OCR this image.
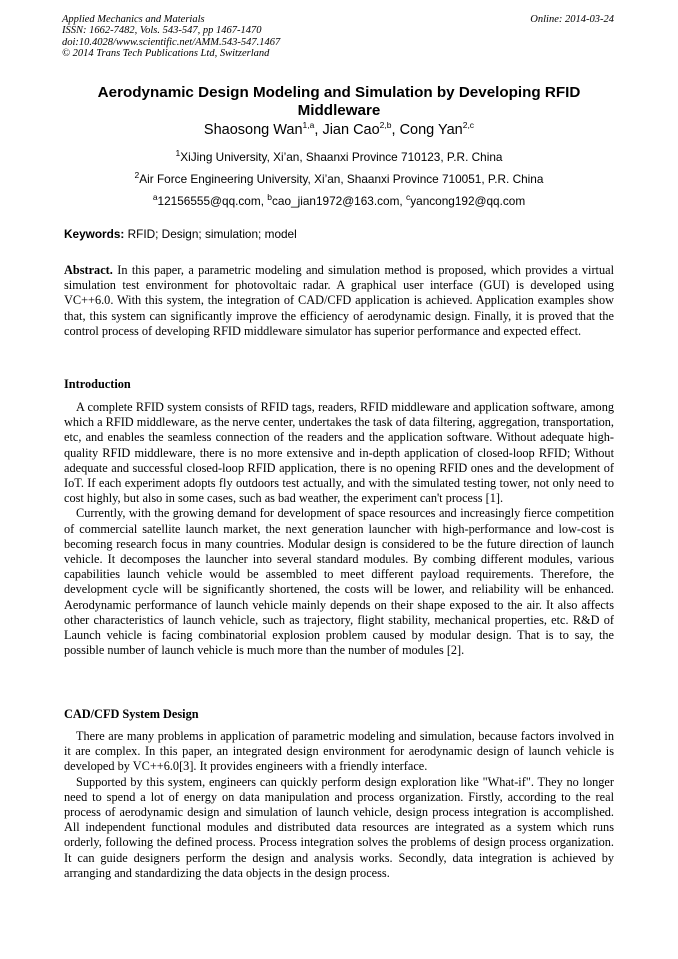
Applied Mechanics and Materials
ISSN: 1662-7482, Vols. 543-547, pp 1467-1470
doi:10.4028/www.scientific.net/AMM.543-547.1467
© 2014 Trans Tech Publications Ltd, Switzerland
Online: 2014-03-24
Aerodynamic Design Modeling and Simulation by Developing RFID Middleware
Shaosong Wan$^{1,a}$, Jian Cao$^{2,b}$, Cong Yan$^{2,c}$
$^1$XiJing University, Xi’an, Shaanxi Province 710123, P.R. China
$^2$Air Force Engineering University, Xi’an, Shaanxi Province 710051, P.R. China
$^a$12156555@qq.com, $^b$cao_jian1972@163.com, $^c$yancong192@qq.com
Keywords: RFID; Design; simulation; model

Abstract. In this paper, a parametric modeling and simulation method is proposed, which provides a virtual simulation test environment for photovoltaic radar. A graphical user interface (GUI) is developed using VC++6.0. With this system, the integration of CAD/CFD application is achieved. Application examples show that, this system can significantly improve the efficiency of aerodynamic design. Finally, it is proved that the control process of developing RFID middleware simulator has superior performance and expected effect.

Introduction

A complete RFID system consists of RFID tags, readers, RFID middleware and application software, among which a RFID middleware, as the nerve center, undertakes the task of data filtering, aggregation, transportation, etc, and enables the seamless connection of the readers and the application software. Without adequate high-quality RFID middleware, there is no more extensive and in-depth application of closed-loop RFID; Without adequate and successful closed-loop RFID application, there is no opening RFID ones and the development of IoT. If each experiment adopts fly outdoors test actually, and with the simulated testing tower, not only need to cost highly, but also in some cases, such as bad weather, the experiment can't process [1].

Currently, with the growing demand for development of space resources and increasingly fierce competition of commercial satellite launch market, the next generation launcher with high-performance and low-cost is becoming research focus in many countries. Modular design is considered to be the future direction of launch vehicle. It decomposes the launcher into several standard modules. By combing different modules, various capabilities launch vehicle would be assembled to meet different payload requirements. Therefore, the development cycle will be significantly shortened, the costs will be lower, and reliability will be enhanced. Aerodynamic performance of launch vehicle mainly depends on their shape exposed to the air. It also affects other characteristics of launch vehicle, such as trajectory, flight stability, mechanical properties, etc. R&D of Launch vehicle is facing combinatorial explosion problem caused by modular design. That is to say, the possible number of launch vehicle is much more than the number of modules [2].

CAD/CFD System Design

There are many problems in application of parametric modeling and simulation, because factors involved in it are complex. In this paper, an integrated design environment for aerodynamic design of launch vehicle is developed by VC++6.0[3]. It provides engineers with a friendly interface.

Supported by this system, engineers can quickly perform design exploration like "What-if". They no longer need to spend a lot of energy on data manipulation and process organization. Firstly, according to the real process of aerodynamic design and simulation of launch vehicle, design process integration is accomplished. All independent functional modules and distributed data resources are integrated as a system which runs orderly, following the defined process. Process integration solves the problems of design process organization. It can guide designers perform the design and analysis works. Secondly, data integration is achieved by arranging and standardizing the data objects in the design process.
